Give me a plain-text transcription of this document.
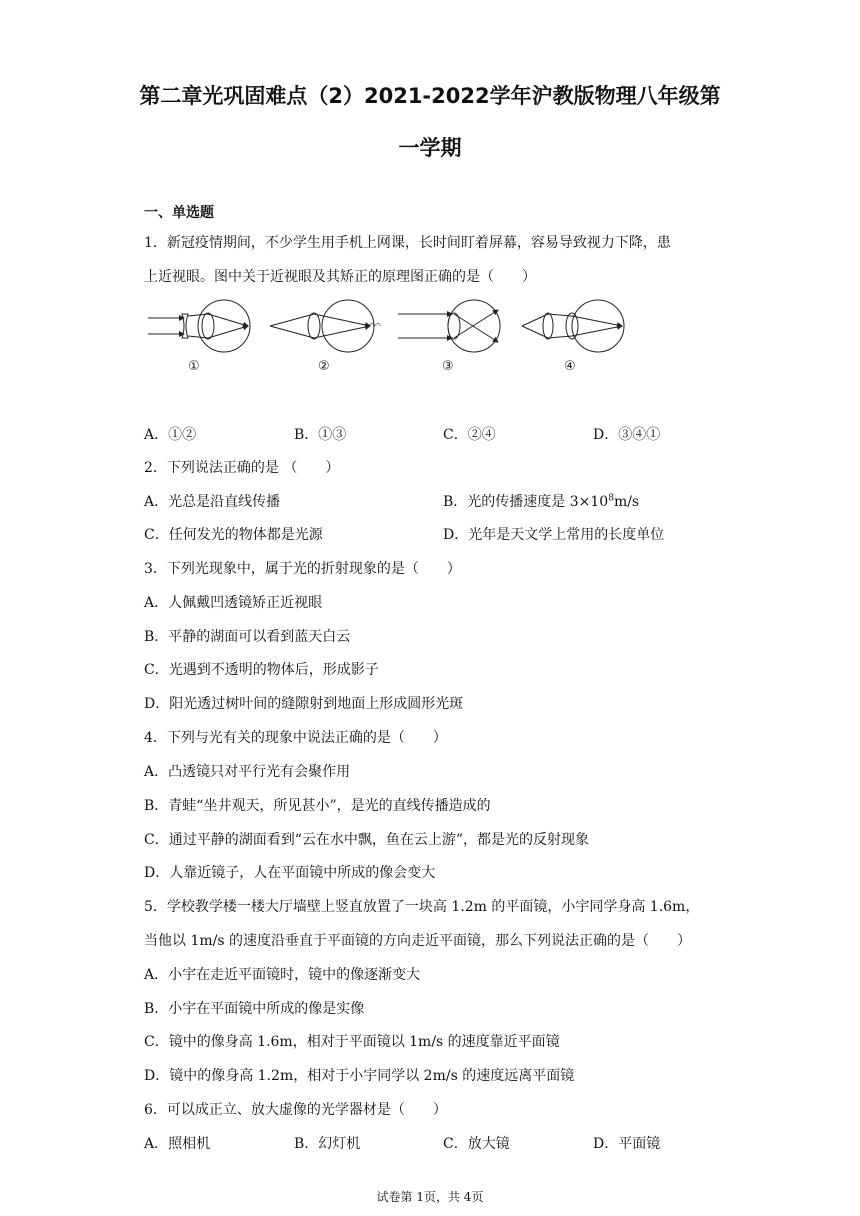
第二章光巩固难点（2）2021-2022学年沪教版物理八年级第
一学期
一、单选题
1．新冠疫情期间，不少学生用手机上网课，长时间盯着屏幕，容易导致视力下降，患
上近视眼。图中关于近视眼及其矫正的原理图正确的是（　　）
①	②	③	④
A．①②	B．①③	C．②④	D．③④①
2．下列说法正确的是 （　　）
A．光总是沿直线传播	B．光的传播速度是 $3\times 10^8m/s$
C．任何发光的物体都是光源	D．光年是天文学上常用的长度单位
3．下列光现象中，属于光的折射现象的是（　　）
A．人佩戴凹透镜矫正近视眼
B．平静的湖面可以看到蓝天白云
C．光遇到不透明的物体后，形成影子
D．阳光透过树叶间的缝隙射到地面上形成圆形光斑
4．下列与光有关的现象中说法正确的是（　　）
A．凸透镜只对平行光有会聚作用
B．青蛙“坐井观天，所见甚小”，是光的直线传播造成的
C．通过平静的湖面看到“云在水中飘，鱼在云上游”，都是光的反射现象
D．人靠近镜子，人在平面镜中所成的像会变大
5．学校教学楼一楼大厅墙壁上竖直放置了一块高 1.2m 的平面镜，小宇同学身高 1.6m，
当他以 1m/s 的速度沿垂直于平面镜的方向走近平面镜，那么下列说法正确的是（　　）
A．小宇在走近平面镜时，镜中的像逐渐变大
B．小宇在平面镜中所成的像是实像
C．镜中的像身高 1.6m，相对于平面镜以 1m/s 的速度靠近平面镜
D．镜中的像身高 1.2m，相对于小宇同学以 2m/s 的速度远离平面镜
6．可以成正立、放大虚像的光学器材是（　　）
A．照相机	B．幻灯机	C．放大镜	D．平面镜
试卷第 1页，共 4页
